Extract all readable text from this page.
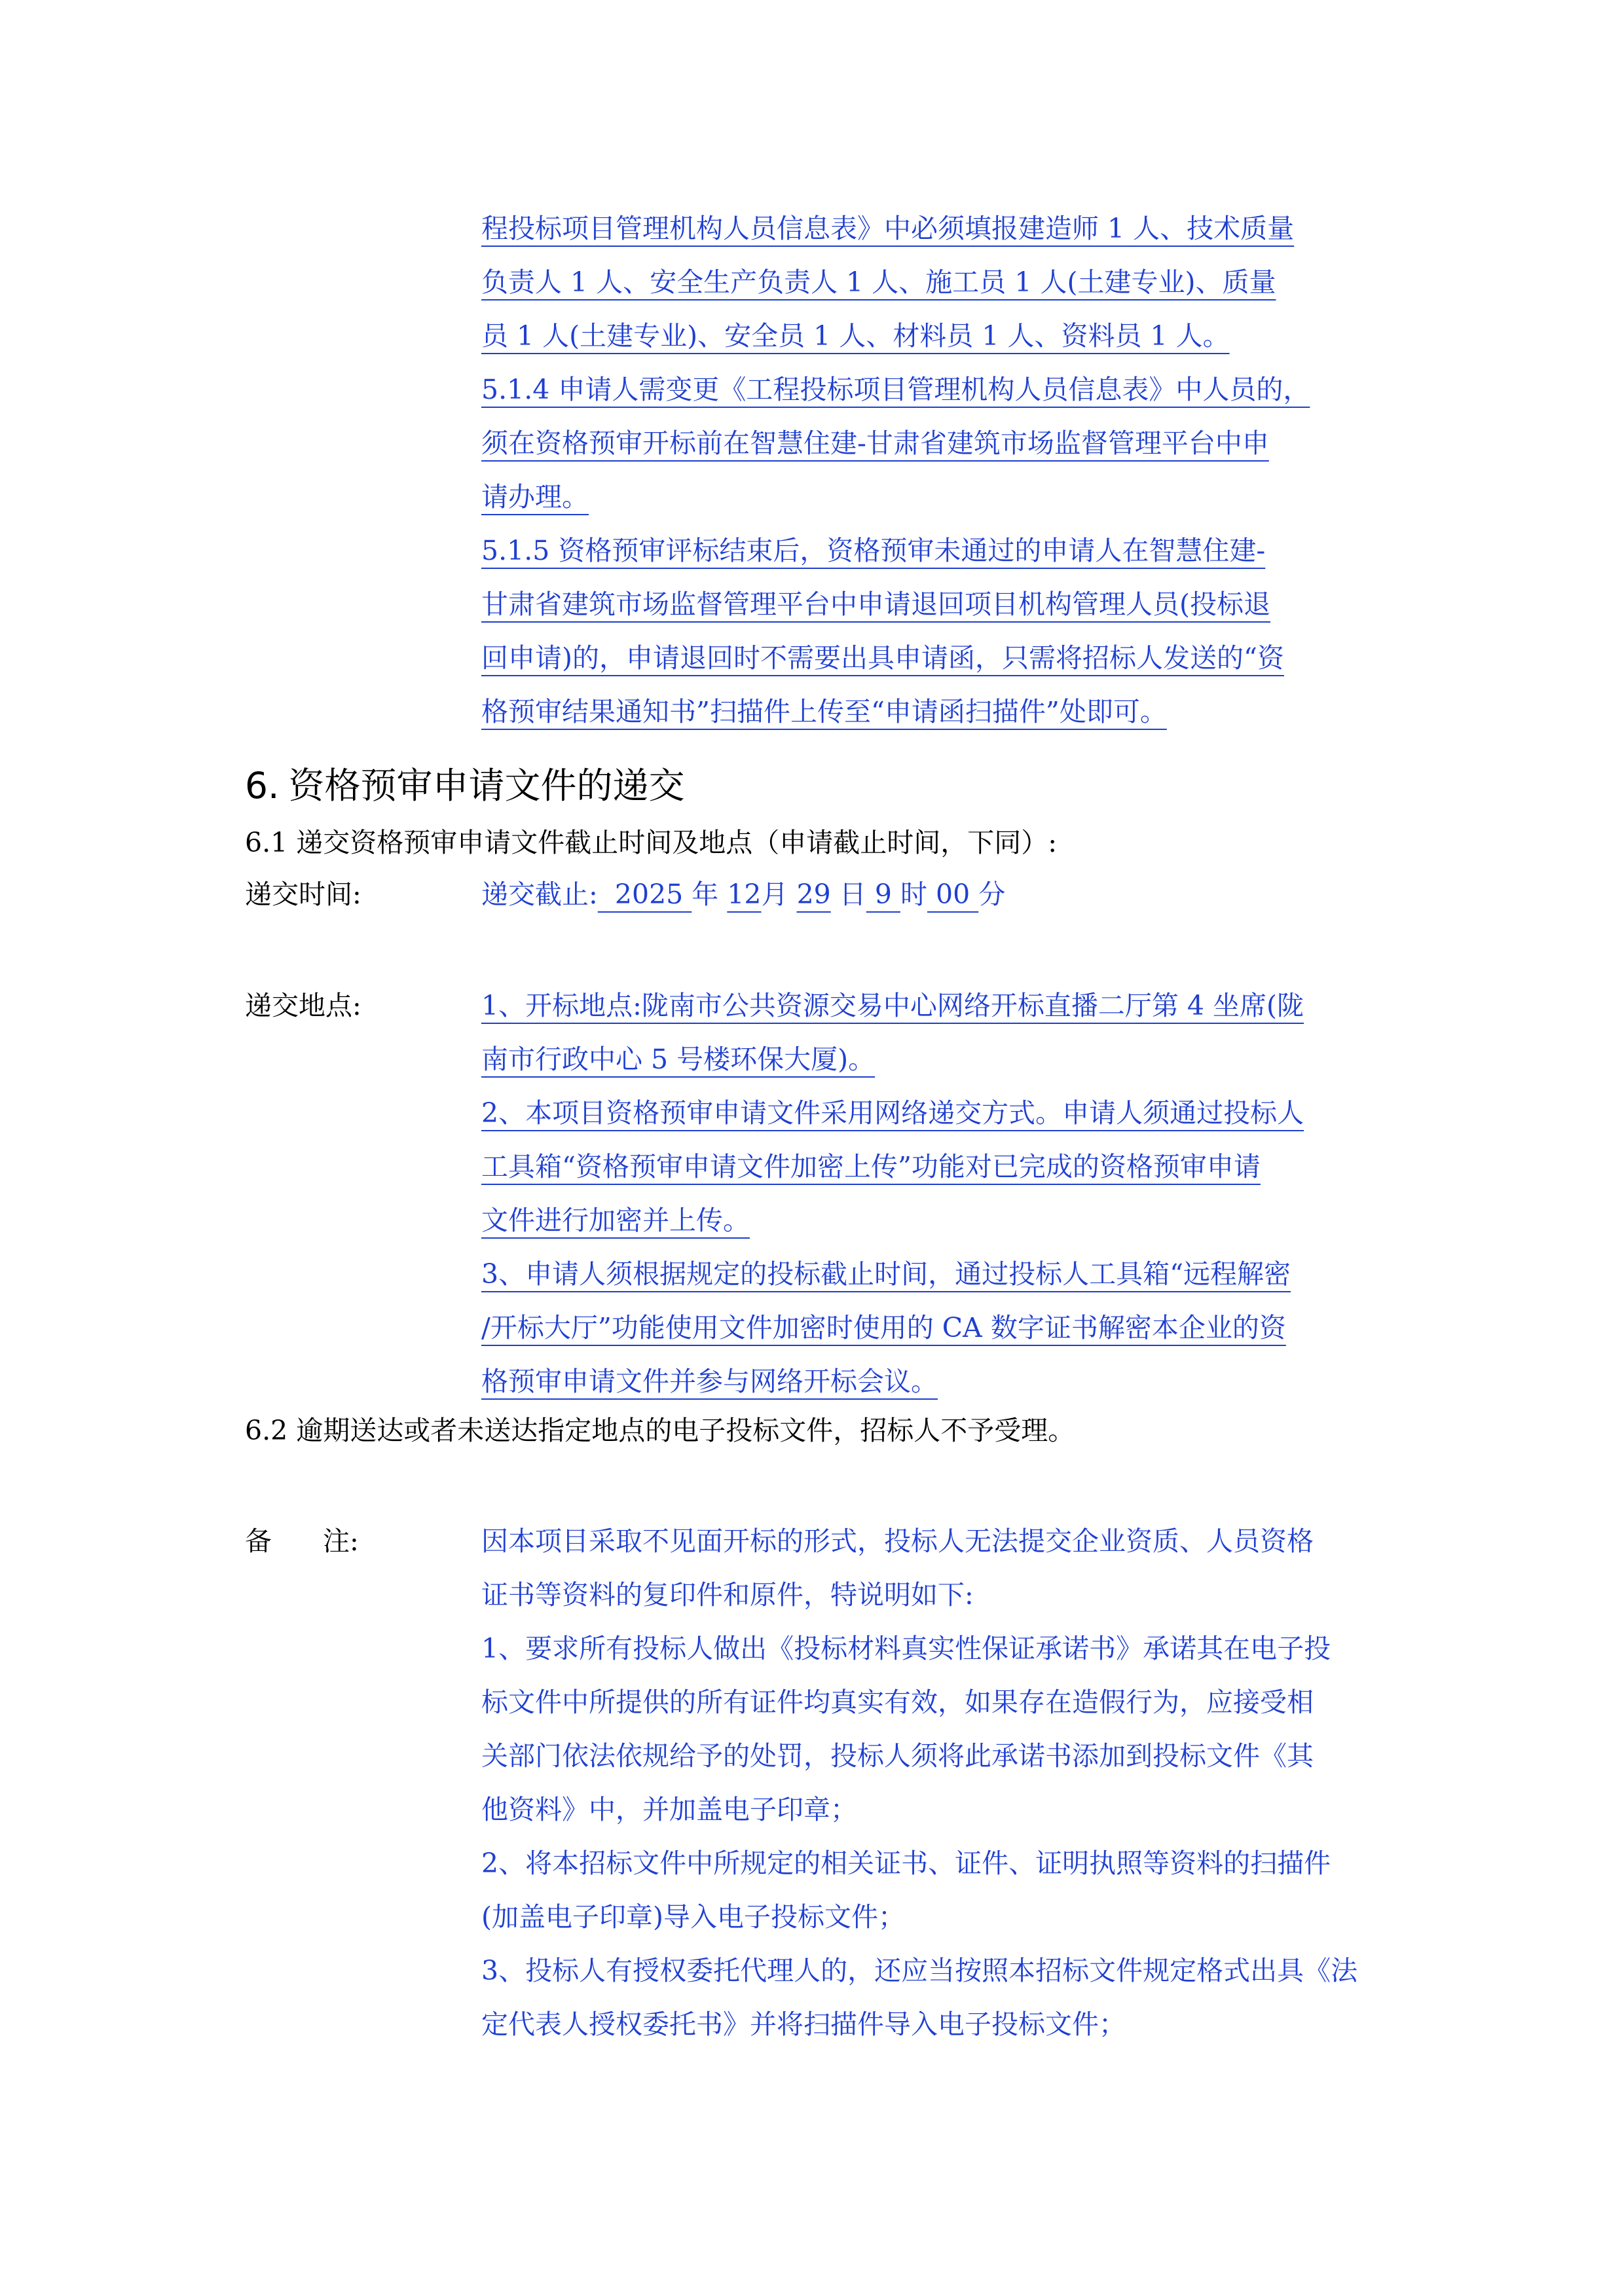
程投标项目管理机构人员信息表》中必须填报建造师 1 人、技术质量

负责人 1 人、安全生产负责人 1 人、施工员 1 人(土建专业)、质量

员 1 人(土建专业)、安全员 1 人、材料员 1 人、资料员 1 人。

5.1.4 申请人需变更《工程投标项目管理机构人员信息表》中人员的，

须在资格预审开标前在智慧住建-甘肃省建筑市场监督管理平台中申

请办理。

5.1.5 资格预审评标结束后，资格预审未通过的申请人在智慧住建-

甘肃省建筑市场监督管理平台中申请退回项目机构管理人员(投标退

回申请)的，申请退回时不需要出具申请函，只需将招标人发送的“资

格预审结果通知书”扫描件上传至“申请函扫描件”处即可。

6. 资格预审申请文件的递交
6.1 递交资格预审申请文件截止时间及地点（申请截止时间，下同）:
递交时间:	递交截止: 2025 年 12月 29 日 9 时 00 分
递交地点:	1、开标地点:陇南市公共资源交易中心网络开标直播二厅第 4 坐席(陇

南市行政中心 5 号楼环保大厦)。

2、本项目资格预审申请文件采用网络递交方式。申请人须通过投标人

工具箱“资格预审申请文件加密上传”功能对已完成的资格预审申请

文件进行加密并上传。

3、申请人须根据规定的投标截止时间，通过投标人工具箱“远程解密

/开标大厅”功能使用文件加密时使用的 CA 数字证书解密本企业的资

格预审申请文件并参与网络开标会议。

6.2 逾期送达或者未送达指定地点的电子投标文件，招标人不予受理。
备 注:	因本项目采取不见面开标的形式，投标人无法提交企业资质、人员资格

证书等资料的复印件和原件，特说明如下:

1、要求所有投标人做出《投标材料真实性保证承诺书》承诺其在电子投

标文件中所提供的所有证件均真实有效，如果存在造假行为，应接受相

关部门依法依规给予的处罚，投标人须将此承诺书添加到投标文件《其

他资料》中，并加盖电子印章；

2、将本招标文件中所规定的相关证书、证件、证明执照等资料的扫描件

(加盖电子印章)导入电子投标文件；

3、投标人有授权委托代理人的，还应当按照本招标文件规定格式出具《法

定代表人授权委托书》并将扫描件导入电子投标文件；
